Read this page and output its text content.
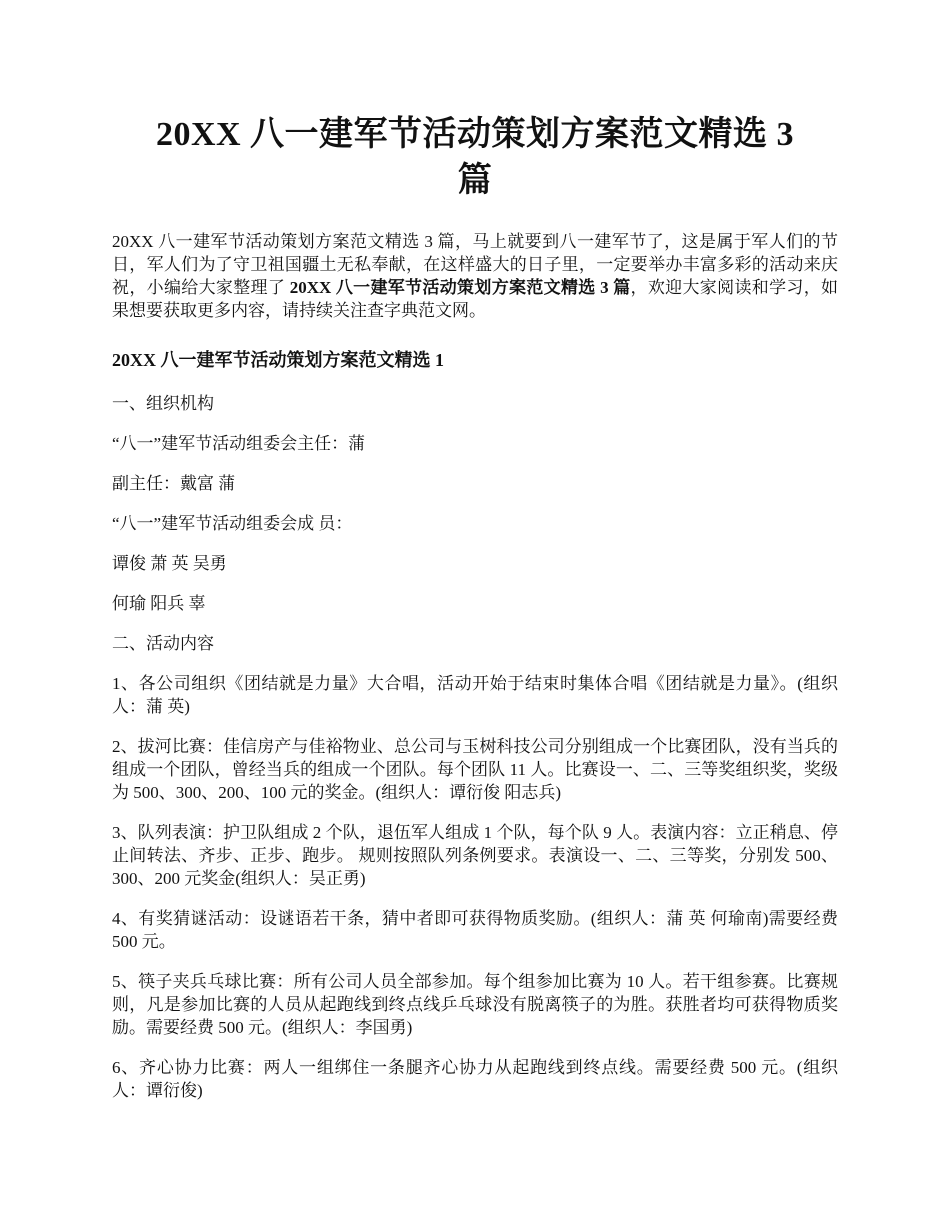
20XX 八一建军节活动策划方案范文精选 3 篇

20XX 八一建军节活动策划方案范文精选 3 篇，马上就要到八一建军节了，这是属于军人们的节日，军人们为了守卫祖国疆土无私奉献，在这样盛大的日子里，一定要举办丰富多彩的活动来庆祝，小编给大家整理了 20XX 八一建军节活动策划方案范文精选 3 篇，欢迎大家阅读和学习，如果想要获取更多内容，请持续关注查字典范文网。

20XX 八一建军节活动策划方案范文精选 1

一、组织机构

“八一”建军节活动组委会主任：蒲

副主任：戴富 蒲

“八一”建军节活动组委会成 员：

谭俊 萧 英 吴勇

何瑜 阳兵 辜

二、活动内容

1、各公司组织《团结就是力量》大合唱，活动开始于结束时集体合唱《团结就是力量》。(组织人：蒲 英)

2、拔河比赛：佳信房产与佳裕物业、总公司与玉树科技公司分别组成一个比赛团队，没有当兵的组成一个团队，曾经当兵的组成一个团队。每个团队 11 人。比赛设一、二、三等奖组织奖，奖级为 500、300、200、100 元的奖金。(组织人：谭衍俊 阳志兵)

3、队列表演：护卫队组成 2 个队，退伍军人组成 1 个队，每个队 9 人。表演内容：立正稍息、停止间转法、齐步、正步、跑步。 规则按照队列条例要求。表演设一、二、三等奖，分别发 500、300、200 元奖金(组织人：吴正勇)

4、有奖猜谜活动：设谜语若干条，猜中者即可获得物质奖励。(组织人：蒲 英 何瑜南)需要经费 500 元。

5、筷子夹兵乓球比赛：所有公司人员全部参加。每个组参加比赛为 10 人。若干组参赛。比赛规则，凡是参加比赛的人员从起跑线到终点线乒乓球没有脱离筷子的为胜。获胜者均可获得物质奖励。需要经费 500 元。(组织人：李国勇)

6、齐心协力比赛：两人一组绑住一条腿齐心协力从起跑线到终点线。需要经费 500 元。(组织人：谭衍俊)
